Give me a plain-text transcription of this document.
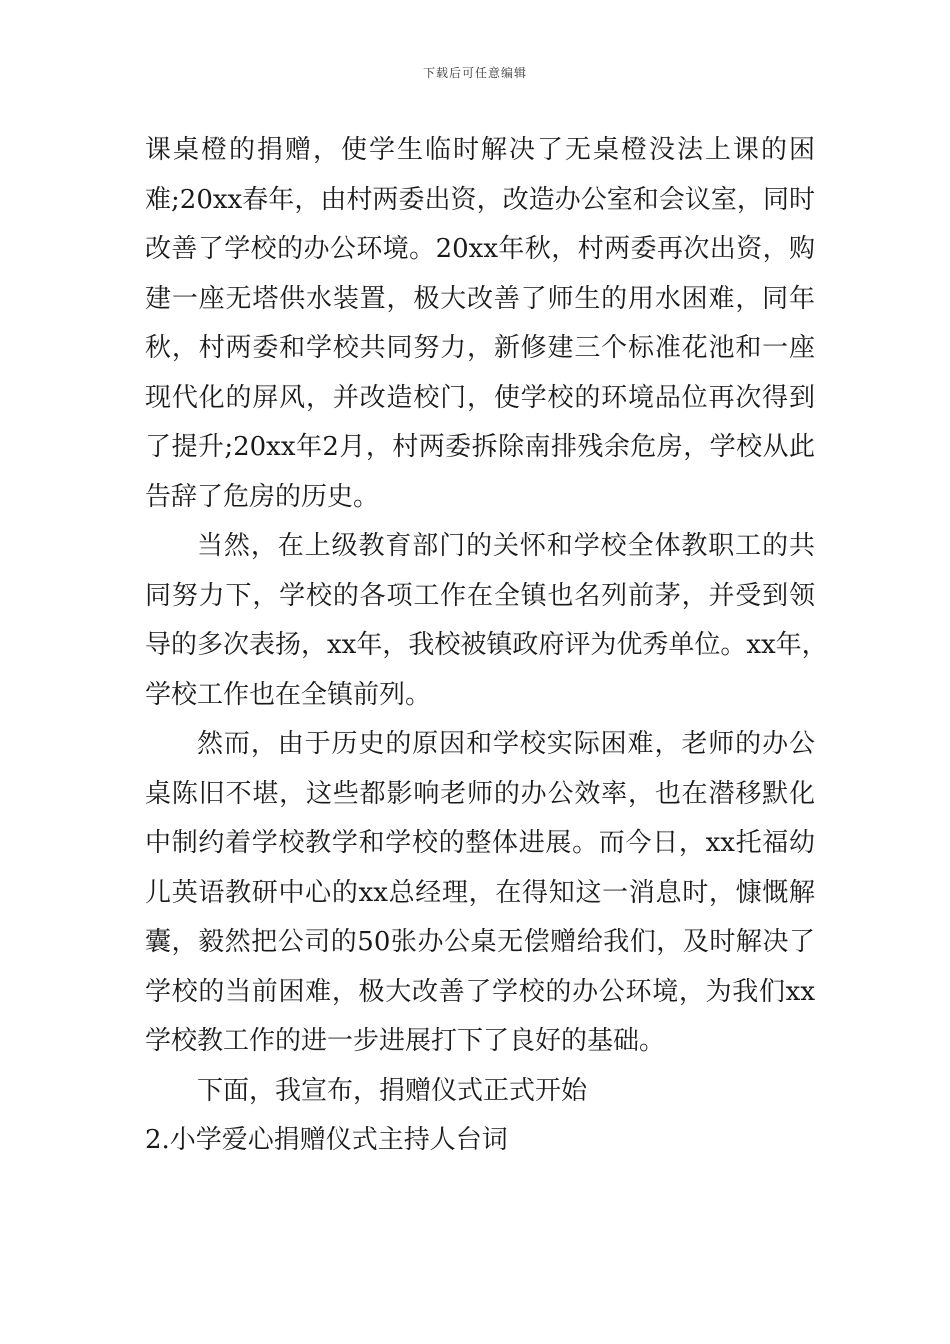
下载后可任意编辑
课桌橙的捐赠，使学生临时解决了无桌橙没法上课的困
难;20xx春年，由村两委出资，改造办公室和会议室，同时
改善了学校的办公环境。20xx年秋，村两委再次出资，购
建一座无塔供水装置，极大改善了师生的用水困难，同年
秋，村两委和学校共同努力，新修建三个标准花池和一座
现代化的屏风，并改造校门，使学校的环境品位再次得到
了提升;20xx年2月，村两委拆除南排残余危房，学校从此
告辞了危房的历史。
当然，在上级教育部门的关怀和学校全体教职工的共
同努力下，学校的各项工作在全镇也名列前茅，并受到领
导的多次表扬，xx年，我校被镇政府评为优秀单位。xx年，
学校工作也在全镇前列。
然而，由于历史的原因和学校实际困难，老师的办公
桌陈旧不堪，这些都影响老师的办公效率，也在潜移默化
中制约着学校教学和学校的整体进展。而今日，xx托福幼
儿英语教研中心的xx总经理，在得知这一消息时，慷慨解
囊，毅然把公司的50张办公桌无偿赠给我们，及时解决了
学校的当前困难，极大改善了学校的办公环境，为我们xx
学校教工作的进一步进展打下了良好的基础。
下面，我宣布，捐赠仪式正式开始
2.小学爱心捐赠仪式主持人台词
